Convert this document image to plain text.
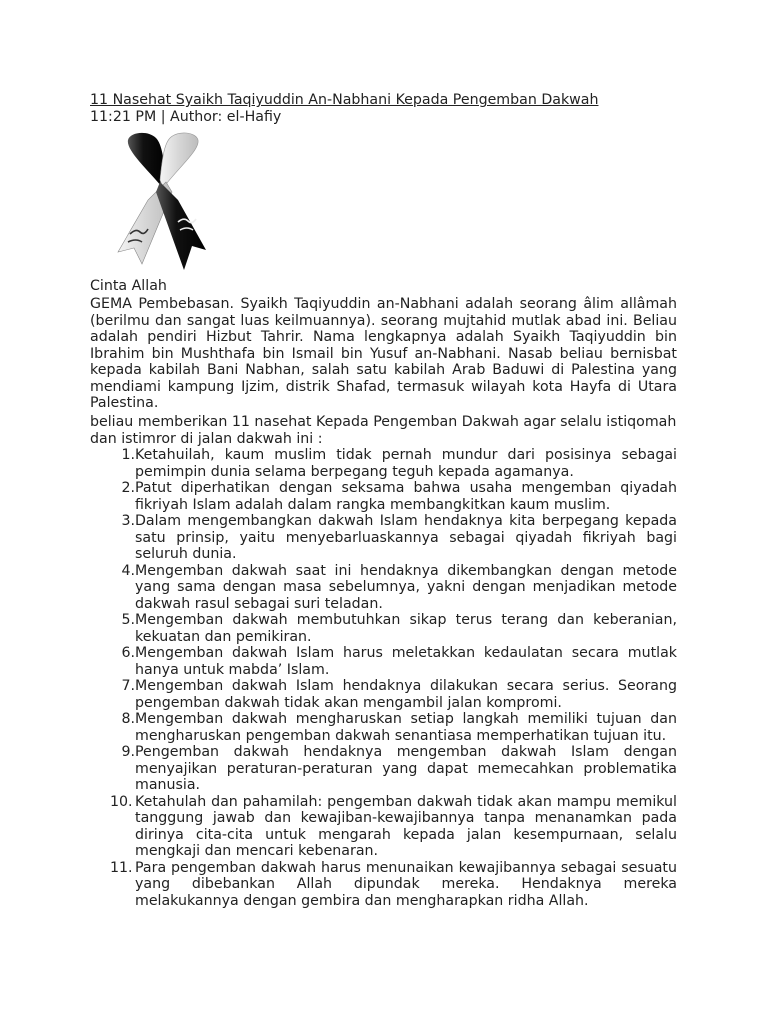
11 Nasehat Syaikh Taqiyuddin An-Nabhani Kepada Pengemban Dakwah
11:21 PM | Author: el-Hafiy
Cinta Allah

GEMA Pembebasan. Syaikh Taqiyuddin an-Nabhani adalah seorang âlim allâmah (berilmu dan sangat luas keilmuannya). seorang mujtahid mutlak abad ini. Beliau adalah pendiri Hizbut Tahrir. Nama lengkapnya adalah Syaikh Taqiyuddin bin Ibrahim bin Mushthafa bin Ismail bin Yusuf an-Nabhani. Nasab beliau bernisbat kepada kabilah Bani Nabhan, salah satu kabilah Arab Baduwi di Palestina yang mendiami kampung Ijzim, distrik Shafad, termasuk wilayah kota Hayfa di Utara Palestina.

beliau memberikan 11 nasehat Kepada Pengemban Dakwah agar selalu istiqomah dan istimror di jalan dakwah ini :

1. Ketahuilah, kaum muslim tidak pernah mundur dari posisinya sebagai pemimpin dunia selama berpegang teguh kepada agamanya.
2. Patut diperhatikan dengan seksama bahwa usaha mengemban qiyadah fikriyah Islam adalah dalam rangka membangkitkan kaum muslim.
3. Dalam mengembangkan dakwah Islam hendaknya kita berpegang kepada satu prinsip, yaitu menyebarluaskannya sebagai qiyadah fikriyah bagi seluruh dunia.
4. Mengemban dakwah saat ini hendaknya dikembangkan dengan metode yang sama dengan masa sebelumnya, yakni dengan menjadikan metode dakwah rasul sebagai suri teladan.
5. Mengemban dakwah membutuhkan sikap terus terang dan keberanian, kekuatan dan pemikiran.
6. Mengemban dakwah Islam harus meletakkan kedaulatan secara mutlak hanya untuk mabda’ Islam.
7. Mengemban dakwah Islam hendaknya dilakukan secara serius. Seorang pengemban dakwah tidak akan mengambil jalan kompromi.
8. Mengemban dakwah mengharuskan setiap langkah memiliki tujuan dan mengharuskan pengemban dakwah senantiasa memperhatikan tujuan itu.
9. Pengemban dakwah hendaknya mengemban dakwah Islam dengan menyajikan peraturan-peraturan yang dapat memecahkan problematika manusia.
10. Ketahulah dan pahamilah: pengemban dakwah tidak akan mampu memikul tanggung jawab dan kewajiban-kewajibannya tanpa menanamkan pada dirinya cita-cita untuk mengarah kepada jalan kesempurnaan, selalu mengkaji dan mencari kebenaran.
11. Para pengemban dakwah harus menunaikan kewajibannya sebagai sesuatu yang dibebankan Allah dipundak mereka. Hendaknya mereka melakukannya dengan gembira dan mengharapkan ridha Allah.
